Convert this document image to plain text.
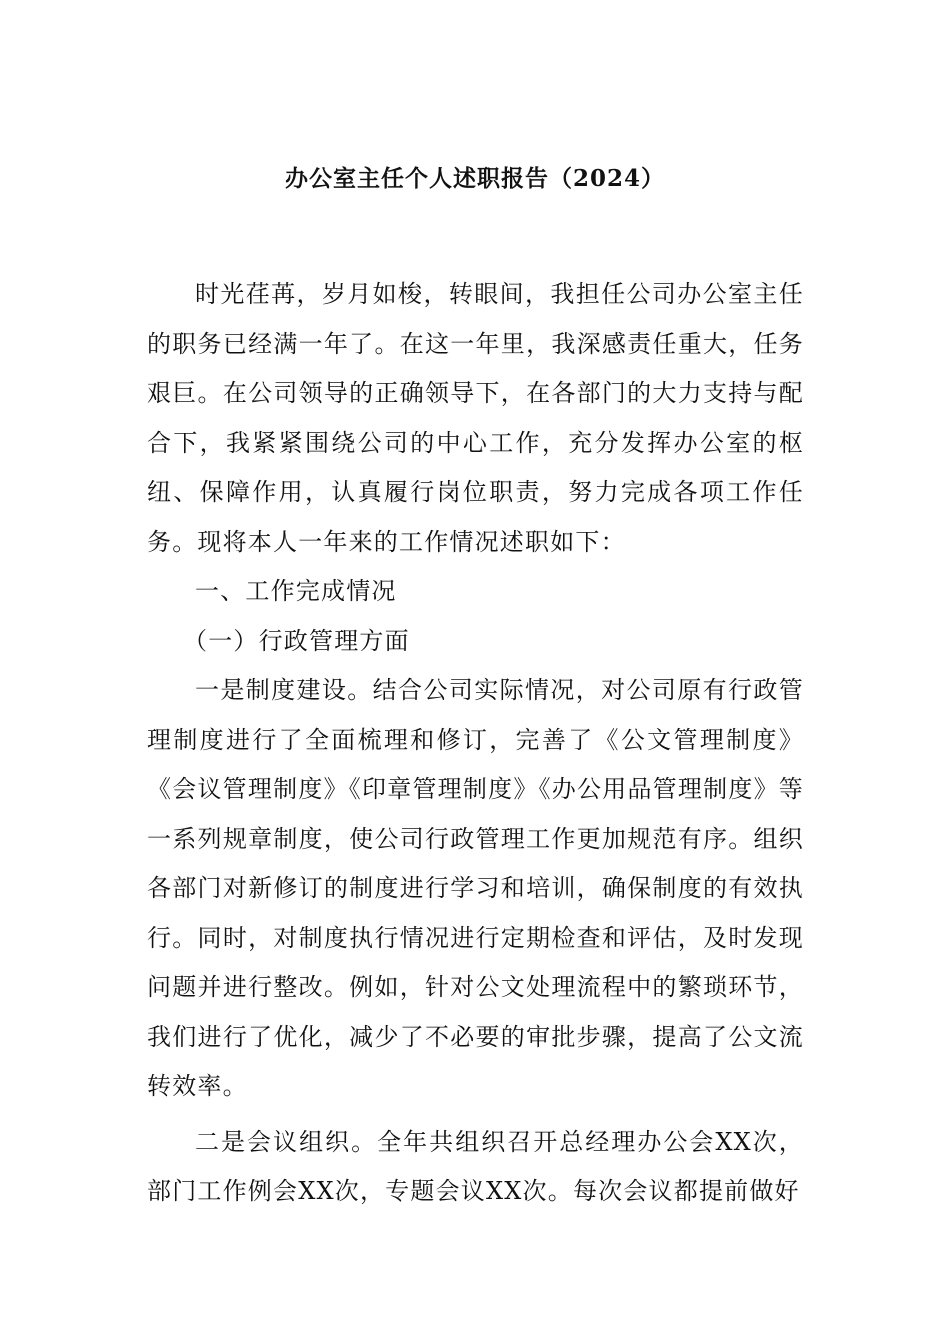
办公室主任个人述职报告（2024）

时光荏苒，岁月如梭，转眼间，我担任公司办公室主任的职务已经满一年了。在这一年里，我深感责任重大，任务艰巨。在公司领导的正确领导下，在各部门的大力支持与配合下，我紧紧围绕公司的中心工作，充分发挥办公室的枢纽、保障作用，认真履行岗位职责，努力完成各项工作任务。现将本人一年来的工作情况述职如下：

一、工作完成情况

（一）行政管理方面

一是制度建设。结合公司实际情况，对公司原有行政管理制度进行了全面梳理和修订，完善了《公文管理制度》《会议管理制度》《印章管理制度》《办公用品管理制度》等一系列规章制度，使公司行政管理工作更加规范有序。组织各部门对新修订的制度进行学习和培训，确保制度的有效执行。同时，对制度执行情况进行定期检查和评估，及时发现问题并进行整改。例如，针对公文处理流程中的繁琐环节，我们进行了优化，减少了不必要的审批步骤，提高了公文流转效率。

二是会议组织。全年共组织召开总经理办公会XX次，部门工作例会XX次，专题会议XX次。每次会议都提前做好
